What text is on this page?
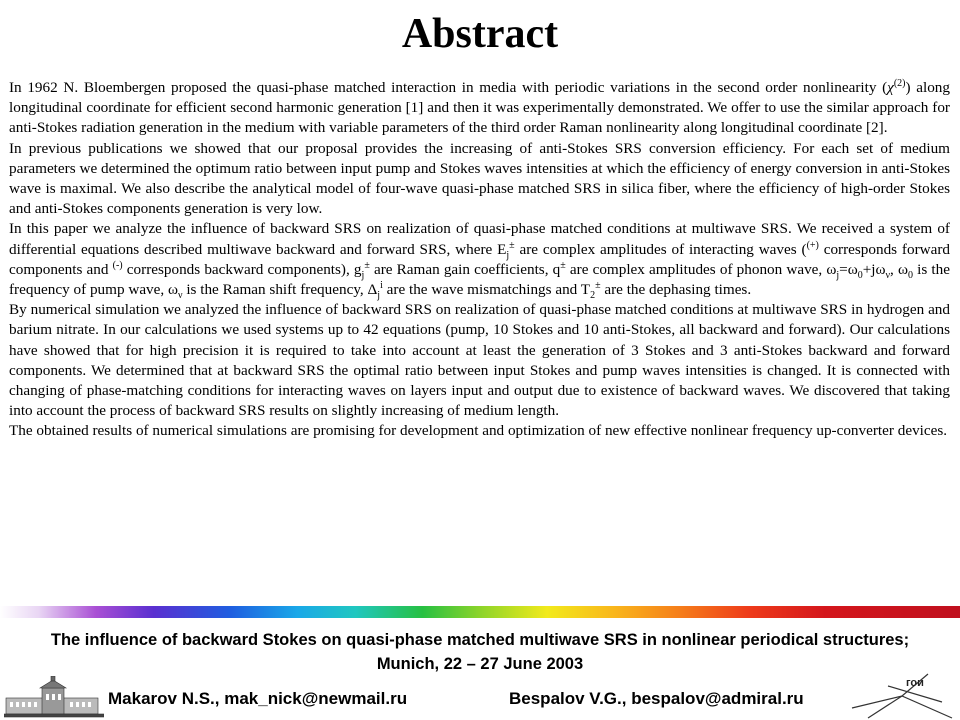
Abstract

In 1962 N. Bloembergen proposed the quasi-phase matched interaction in media with periodic variations in the second order nonlinearity $(\chi^{(2)})$ along longitudinal coordinate for efficient second harmonic generation [1] and then it was experimentally demonstrated. We offer to use the similar approach for anti-Stokes radiation generation in the medium with variable parameters of the third order Raman nonlinearity along longitudinal coordinate [2].

In previous publications we showed that our proposal provides the increasing of anti-Stokes SRS conversion efficiency. For each set of medium parameters we determined the optimum ratio between input pump and Stokes waves intensities at which the efficiency of energy conversion in anti-Stokes wave is maximal. We also describe the analytical model of four-wave quasi-phase matched SRS in silica fiber, where the efficiency of high-order Stokes and anti-Stokes components generation is very low.

In this paper we analyze the influence of backward SRS on realization of quasi-phase matched conditions at multiwave SRS. We received a system of differential equations described multiwave backward and forward SRS, where $E_j^\pm$ are complex amplitudes of interacting waves ((+) corresponds forward components and (-) corresponds backward components), $g_j^\pm$ are Raman gain coefficients, q± are complex amplitudes of phonon wave, $\omega_j=\omega_0+j\omega_\nu$, $\omega_0$ is the frequency of pump wave, $\omega_\nu$ is the Raman shift frequency, $\Delta_j^i$ are the wave mismatchings and $T_2^\pm$ are the dephasing times.

By numerical simulation we analyzed the influence of backward SRS on realization of quasi-phase matched conditions at multiwave SRS in hydrogen and barium nitrate. In our calculations we used systems up to 42 equations (pump, 10 Stokes and 10 anti-Stokes, all backward and forward). Our calculations have showed that for high precision it is required to take into account at least the generation of 3 Stokes and 3 anti-Stokes backward and forward components. We determined that at backward SRS the optimal ratio between input Stokes and pump waves intensities is changed. It is connected with changing of phase-matching conditions for interacting waves on layers input and output due to existence of backward waves. We discovered that taking into account the process of backward SRS results on slightly increasing of medium length.

The obtained results of numerical simulations are promising for development and optimization of new effective nonlinear frequency up-converter devices.

The influence of backward Stokes on quasi-phase matched multiwave SRS in nonlinear periodical structures; Munich, 22 – 27 June 2003
Makarov N.S., mak_nick@newmail.ru	Bespalov V.G., bespalov@admiral.ru
гои
